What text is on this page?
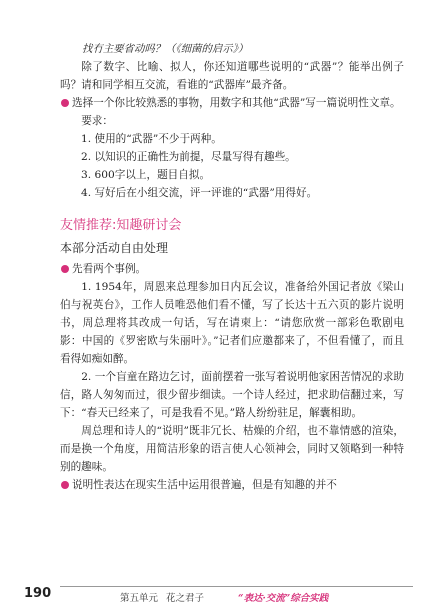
找冇主要省动吗？（《细菌的启示》）

除了数字、比喻、拟人，你还知道哪些说明的“武器”？能举出例子吗？请和同学相互交流，看谁的“武器库”最齐备。

选择一个你比较熟悉的事物，用数字和其他“武器”写一篇说明性文章。

要求：

1. 使用的“武器”不少于两种。

2. 以知识的正确性为前提，尽量写得有趣些。

3. 600字以上，题目自拟。

4. 写好后在小组交流，评一评谁的“武器”用得好。

友情推荐:知趣研讨会
本部分活动自由处理

先看两个事例。

1. 1954年，周恩来总理参加日内瓦会议，准备给外国记者放《梁山伯与祝英台》，工作人员唯恐他们看不懂，写了长达十五六页的影片说明书，周总理将其改成一句话，写在请柬上：“请您欣赏一部彩色歌剧电影：中国的《罗密欧与朱丽叶》。”记者们应邀都来了，不但看懂了，而且看得如痴如醉。

2. 一个盲童在路边乞讨，面前摆着一张写着说明他家困苦情况的求助信，路人匆匆而过，很少留步细读。一个诗人经过，把求助信翻过来，写下：“春天已经来了，可是我看不见。”路人纷纷驻足，解囊相助。

周总理和诗人的“说明”既非冗长、枯燥的介绍，也不靠情感的渲染，而是换一个角度，用简洁形象的语言使人心领神会，同时又领略到一种特别的趣味。

说明性表达在现实生活中运用很普遍，但是有知趣的并不

190	第五单元 花之君子	“表达·交流”综合实践
